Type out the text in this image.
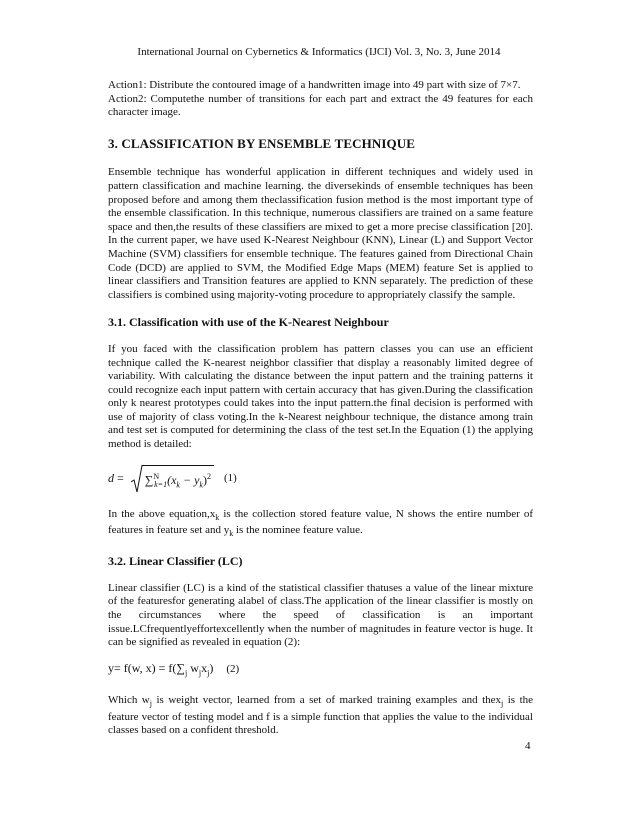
International Journal on Cybernetics & Informatics (IJCI) Vol. 3, No. 3, June 2014

Action1: Distribute the contoured image of a handwritten image into 49 part with size of 7×7.

Action2: Computethe number of transitions for each part and extract the 49 features for each character image.

3. CLASSIFICATION BY ENSEMBLE TECHNIQUE

Ensemble technique has wonderful application in different techniques and widely used in pattern classification and machine learning. the diversekinds of ensemble techniques has been proposed before and among them theclassification fusion method is the most important type of the ensemble classification. In this technique, numerous classifiers are trained on a same feature space and then,the results of these classifiers are mixed to get a more precise classification [20]. In the current paper, we have used K-Nearest Neighbour (KNN), Linear (L) and Support Vector Machine (SVM) classifiers for ensemble technique. The features gained from Directional Chain Code (DCD) are applied to SVM, the Modified Edge Maps (MEM) feature Set is applied to linear classifiers and Transition features are applied to KNN separately. The prediction of these classifiers is combined using majority-voting procedure to appropriately classify the sample.

3.1. Classification with use of the K-Nearest Neighbour

If you faced with the classification problem has pattern classes you can use an efficient technique called the K-nearest neighbor classifier that display a reasonably limited degree of variability. With calculating the distance between the input pattern and the training patterns it could recognize each input pattern with certain accuracy that has given.During the classification only k nearest prototypes could takes into the input pattern.the final decision is performed with use of majority of class voting.In the k-Nearest neighbour technique, the distance among train and test set is computed for determining the class of the test set.In the Equation (1) the applying method is detailed:

$d = \sum^N_{k=1}(x_k - y_k)^2$ (1)

In the above $equation,x_k$ is the collection stored feature value, N shows the entire number of features in feature set and $y_k$ is the nominee feature value.

3.2. Linear Classifier (LC)

Linear classifier (LC) is a kind of the statistical classifier thatuses a value of the linear mixture of the featuresfor generating alabel of class.The application of the linear classifier is mostly on the circumstances where the speed of classification is an important issue.LCfrequentlyeffortexcellently when the number of magnitudes in feature vector is huge. It can be signified as revealed in equation (2):

y= f(w, $x) = f(\sum_j$ $w_jx_j$) (2)

Which $w_j$ is weight vector, learned from a set of marked training examples and thex$_j$ is the feature vector of testing model and f is a simple function that applies the value to the individual classes based on a confident threshold.

4
